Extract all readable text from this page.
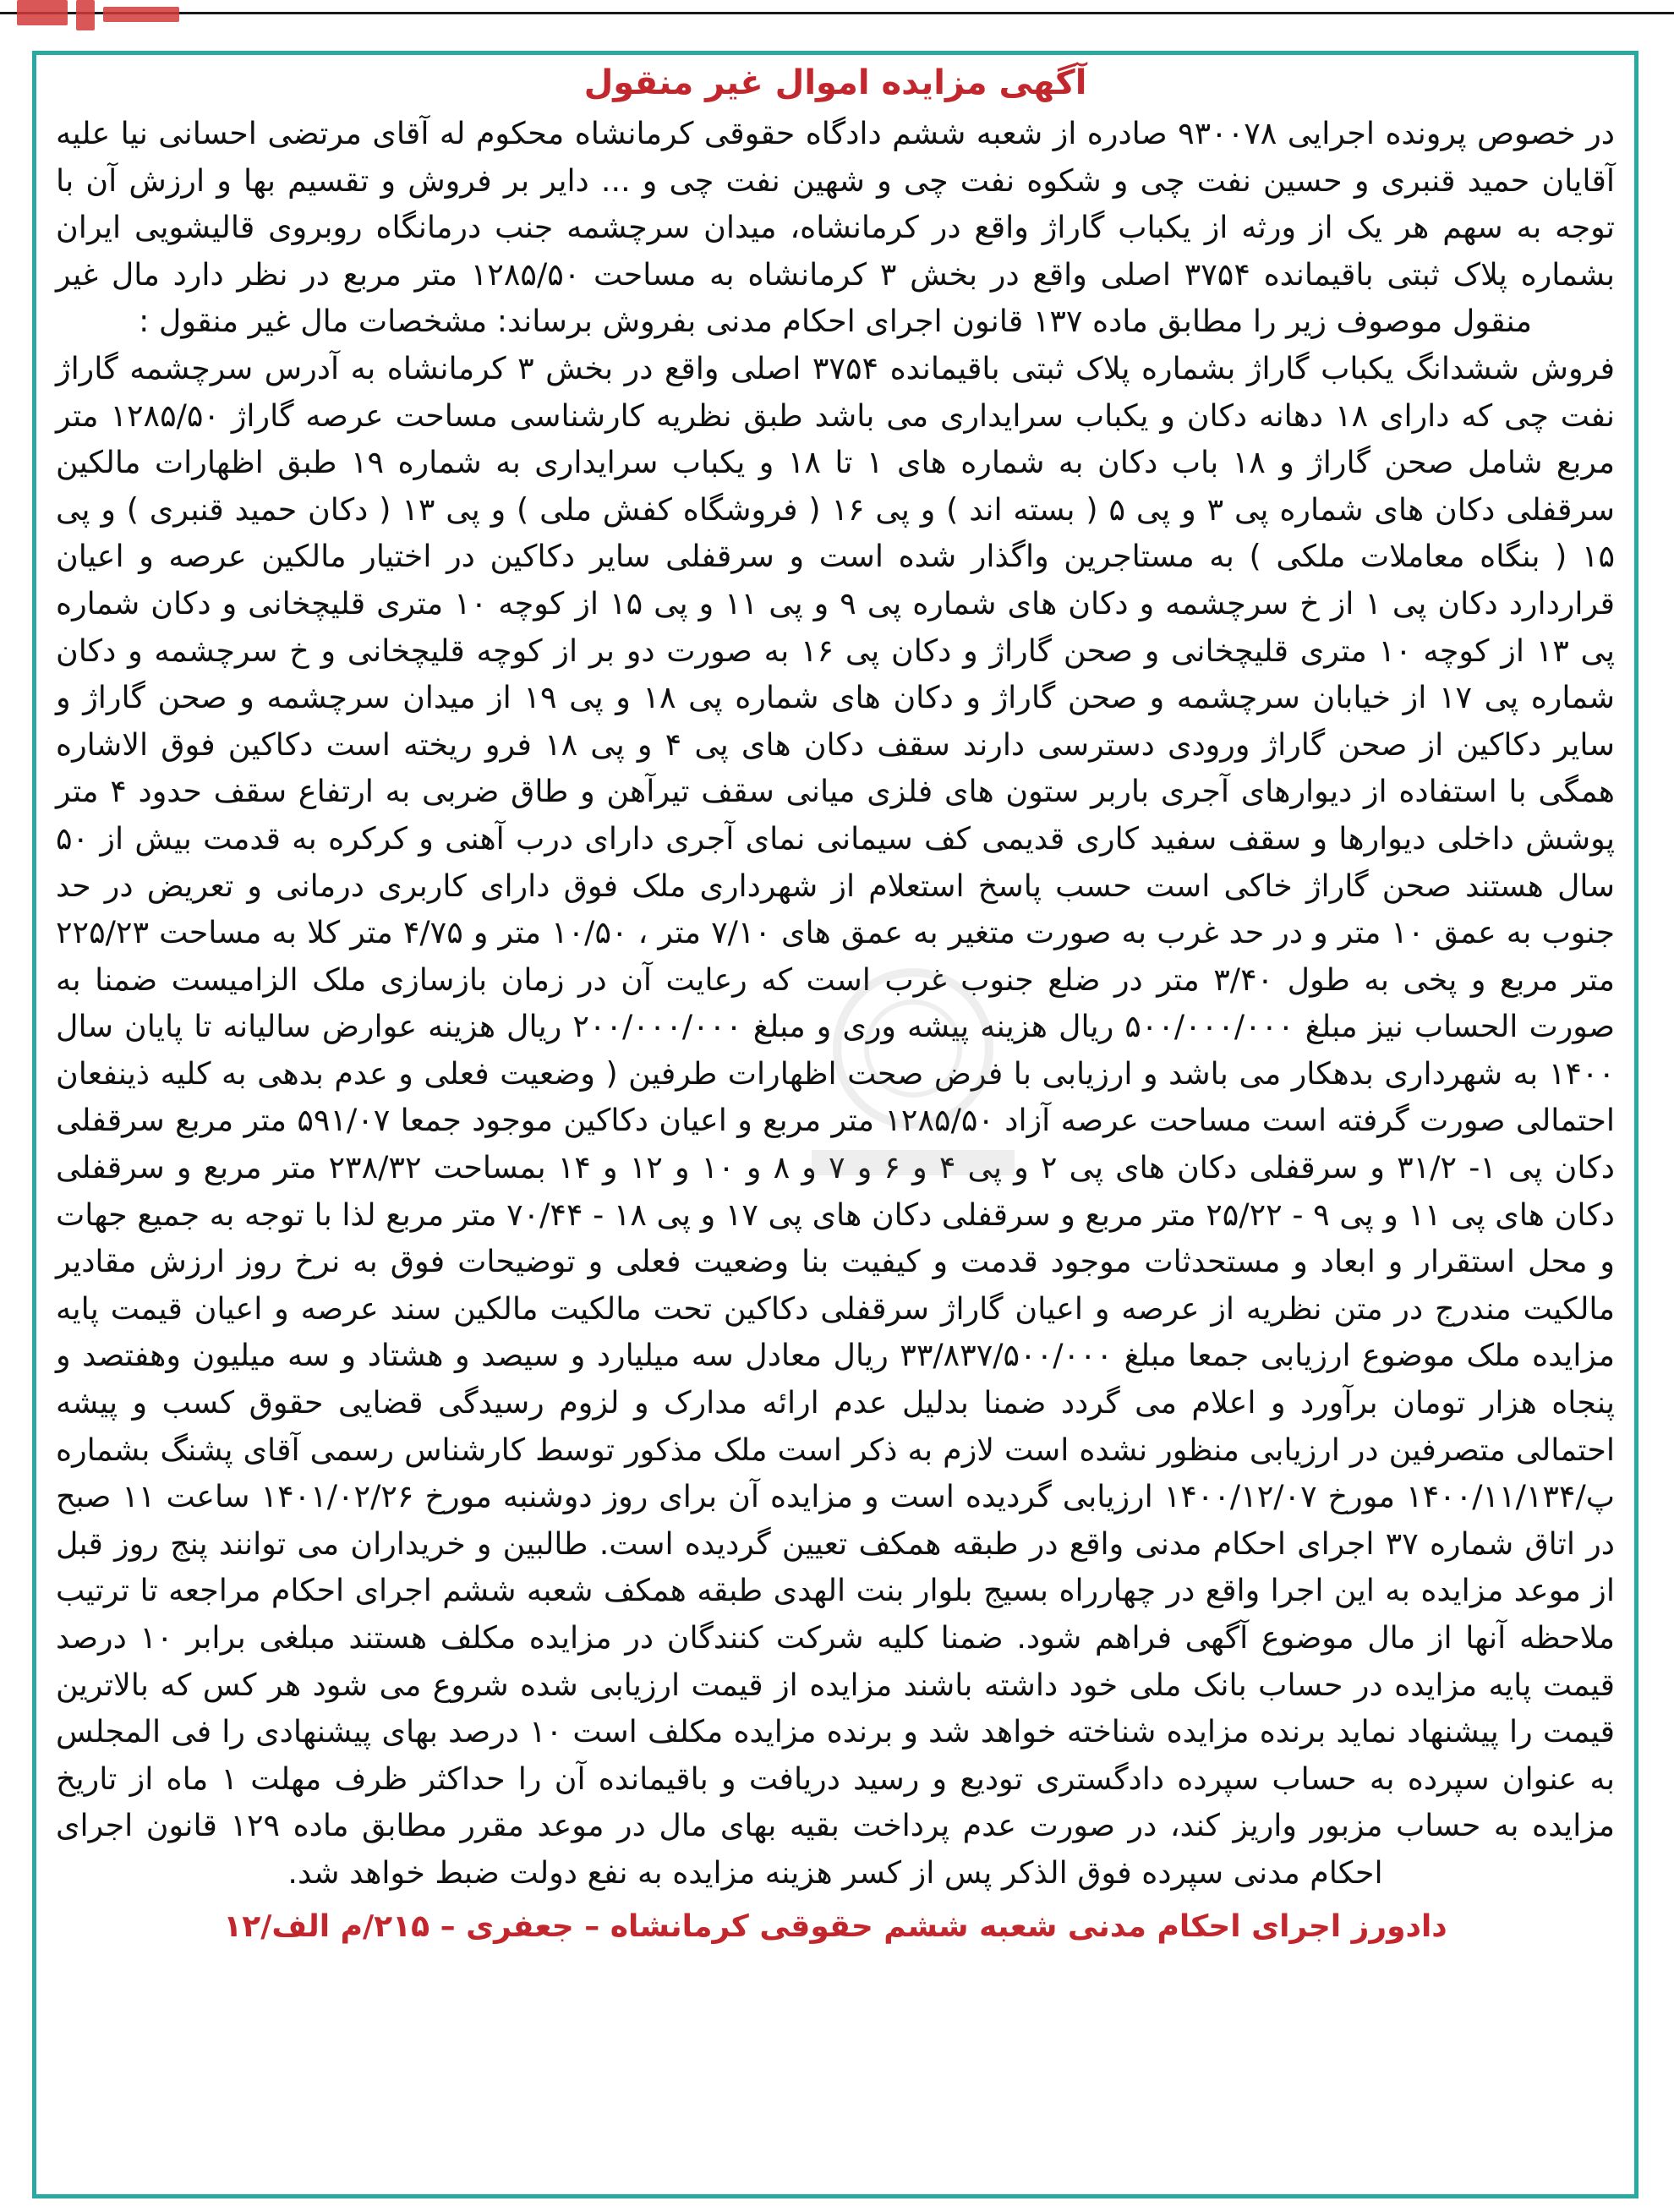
آگهی مزایده اموال غیر منقول

در خصوص پرونده اجرایی ۹۳۰۰۷۸ صادره از شعبه ششم دادگاه حقوقی کرمانشاه محکوم له آقای مرتضی احسانی نیا علیه آقایان حمید قنبری و حسین نفت چی و شکوه نفت چی و شهین نفت چی و ... دایر بر فروش و تقسیم بها و ارزش آن با توجه به سهم هر یک از ورثه از یکباب گاراژ واقع در کرمانشاه، میدان سرچشمه جنب درمانگاه روبروی قالیشویی ایران بشماره پلاک ثبتی باقیمانده ۳۷۵۴ اصلی واقع در بخش ۳ کرمانشاه به مساحت ۱۲۸۵/۵۰ متر مربع در نظر دارد مال غیر منقول موصوف زیر را مطابق ماده ۱۳۷ قانون اجرای احکام مدنی بفروش برساند: مشخصات مال غیر منقول :

فروش ششدانگ یکباب گاراژ بشماره پلاک ثبتی باقیمانده ۳۷۵۴ اصلی واقع در بخش ۳ کرمانشاه به آدرس سرچشمه گاراژ نفت چی که دارای ۱۸ دهانه دکان و یکباب سرایداری می باشد طبق نظریه کارشناسی مساحت عرصه گاراژ ۱۲۸۵/۵۰ متر مربع شامل صحن گاراژ و ۱۸ باب دکان به شماره های ۱ تا ۱۸ و یکباب سرایداری به شماره ۱۹ طبق اظهارات مالکین سرقفلی دکان های شماره پی ۳ و پی ۵ ( بسته اند ) و پی ۱۶ ( فروشگاه کفش ملی ) و پی ۱۳ ( دکان حمید قنبری ) و پی ۱۵ ( بنگاه معاملات ملکی ) به مستاجرین واگذار شده است و سرقفلی سایر دکاکین در اختیار مالکین عرصه و اعیان قراردارد دکان پی ۱ از خ سرچشمه و دکان های شماره پی ۹ و پی ۱۱ و پی ۱۵ از کوچه ۱۰ متری قلیچخانی و دکان شماره پی ۱۳ از کوچه ۱۰ متری قلیچخانی و صحن گاراژ و دکان پی ۱۶ به صورت دو بر از کوچه قلیچخانی و خ سرچشمه و دکان شماره پی ۱۷ از خیابان سرچشمه و صحن گاراژ و دکان های شماره پی ۱۸ و پی ۱۹ از میدان سرچشمه و صحن گاراژ و سایر دکاکین از صحن گاراژ ورودی دسترسی دارند سقف دکان های پی ۴ و پی ۱۸ فرو ریخته است دکاکین فوق الاشاره همگی با استفاده از دیوارهای آجری باربر ستون های فلزی میانی سقف تیرآهن و طاق ضربی به ارتفاع سقف حدود ۴ متر پوشش داخلی دیوارها و سقف سفید کاری قدیمی کف سیمانی نمای آجری دارای درب آهنی و کرکره به قدمت بیش از ۵۰ سال هستند صحن گاراژ خاکی است حسب پاسخ استعلام از شهرداری ملک فوق دارای کاربری درمانی و تعریض در حد جنوب به عمق ۱۰ متر و در حد غرب به صورت متغیر به عمق های ۷/۱۰ متر ، ۱۰/۵۰ متر و ۴/۷۵ متر کلا به مساحت ۲۲۵/۲۳ متر مربع و پخی به طول ۳/۴۰ متر در ضلع جنوب غرب است که رعایت آن در زمان بازسازی ملک الزامیست ضمنا به صورت الحساب نیز مبلغ ۵۰۰/۰۰۰/۰۰۰ ریال هزینه پیشه وری و مبلغ ۲۰۰/۰۰۰/۰۰۰ ریال هزینه عوارض سالیانه تا پایان سال ۱۴۰۰ به شهرداری بدهکار می باشد و ارزیابی با فرض صحت اظهارات طرفین ( وضعیت فعلی و عدم بدهی به کلیه ذینفعان احتمالی صورت گرفته است مساحت عرصه آزاد ۱۲۸۵/۵۰ متر مربع و اعیان دکاکین موجود جمعا ۵۹۱/۰۷ متر مربع سرقفلی دکان پی ۱- ۳۱/۲ و سرقفلی دکان های پی ۲ و پی ۴ و ۶ و ۷ و ۸ و ۱۰ و ۱۲ و ۱۴ بمساحت ۲۳۸/۳۲ متر مربع و سرقفلی دکان های پی ۱۱ و پی ۹ - ۲۵/۲۲ متر مربع و سرقفلی دکان های پی ۱۷ و پی ۱۸ - ۷۰/۴۴ متر مربع لذا با توجه به جمیع جهات و محل استقرار و ابعاد و مستحدثات موجود قدمت و کیفیت بنا وضعیت فعلی و توضیحات فوق به نرخ روز ارزش مقادیر مالکیت مندرج در متن نظریه از عرصه و اعیان گاراژ سرقفلی دکاکین تحت مالکیت مالکین سند عرصه و اعیان قیمت پایه مزایده ملک موضوع ارزیابی جمعا مبلغ ۳۳/۸۳۷/۵۰۰/۰۰۰ ریال معادل سه میلیارد و سیصد و هشتاد و سه میلیون وهفتصد و پنجاه هزار تومان برآورد و اعلام می گردد ضمنا بدلیل عدم ارائه مدارک و لزوم رسیدگی قضایی حقوق کسب و پیشه احتمالی متصرفین در ارزیابی منظور نشده است لازم به ذکر است ملک مذکور توسط کارشناس رسمی آقای پشنگ بشماره پ/۱۴۰۰/۱۱/۱۳۴ مورخ ۱۴۰۰/۱۲/۰۷ ارزیابی گردیده است و مزایده آن برای روز دوشنبه مورخ ۱۴۰۱/۰۲/۲۶ ساعت ۱۱ صبح در اتاق شماره ۳۷ اجرای احکام مدنی واقع در طبقه همکف تعیین گردیده است. طالبین و خریداران می توانند پنج روز قبل از موعد مزایده به این اجرا واقع در چهارراه بسیج بلوار بنت الهدی طبقه همکف شعبه ششم اجرای احکام مراجعه تا ترتیب ملاحظه آنها از مال موضوع آگهی فراهم شود. ضمنا کلیه شرکت کنندگان در مزایده مکلف هستند مبلغی برابر ۱۰ درصد قیمت پایه مزایده در حساب بانک ملی خود داشته باشند مزایده از قیمت ارزیابی شده شروع می شود هر کس که بالاترین قیمت را پیشنهاد نماید برنده مزایده شناخته خواهد شد و برنده مزایده مکلف است ۱۰ درصد بهای پیشنهادی را فی المجلس به عنوان سپرده به حساب سپرده دادگستری تودیع و رسید دریافت و باقیمانده آن را حداکثر ظرف مهلت ۱ ماه از تاریخ مزایده به حساب مزبور واریز کند، در صورت عدم پرداخت بقیه بهای مال در موعد مقرر مطابق ماده ۱۲۹ قانون اجرای احکام مدنی سپرده فوق الذکر پس از کسر هزینه مزایده به نفع دولت ضبط خواهد شد.

دادورز اجرای احکام مدنی شعبه ششم حقوقی کرمانشاه – جعفری – ۲۱۵/م الف/۱۲
